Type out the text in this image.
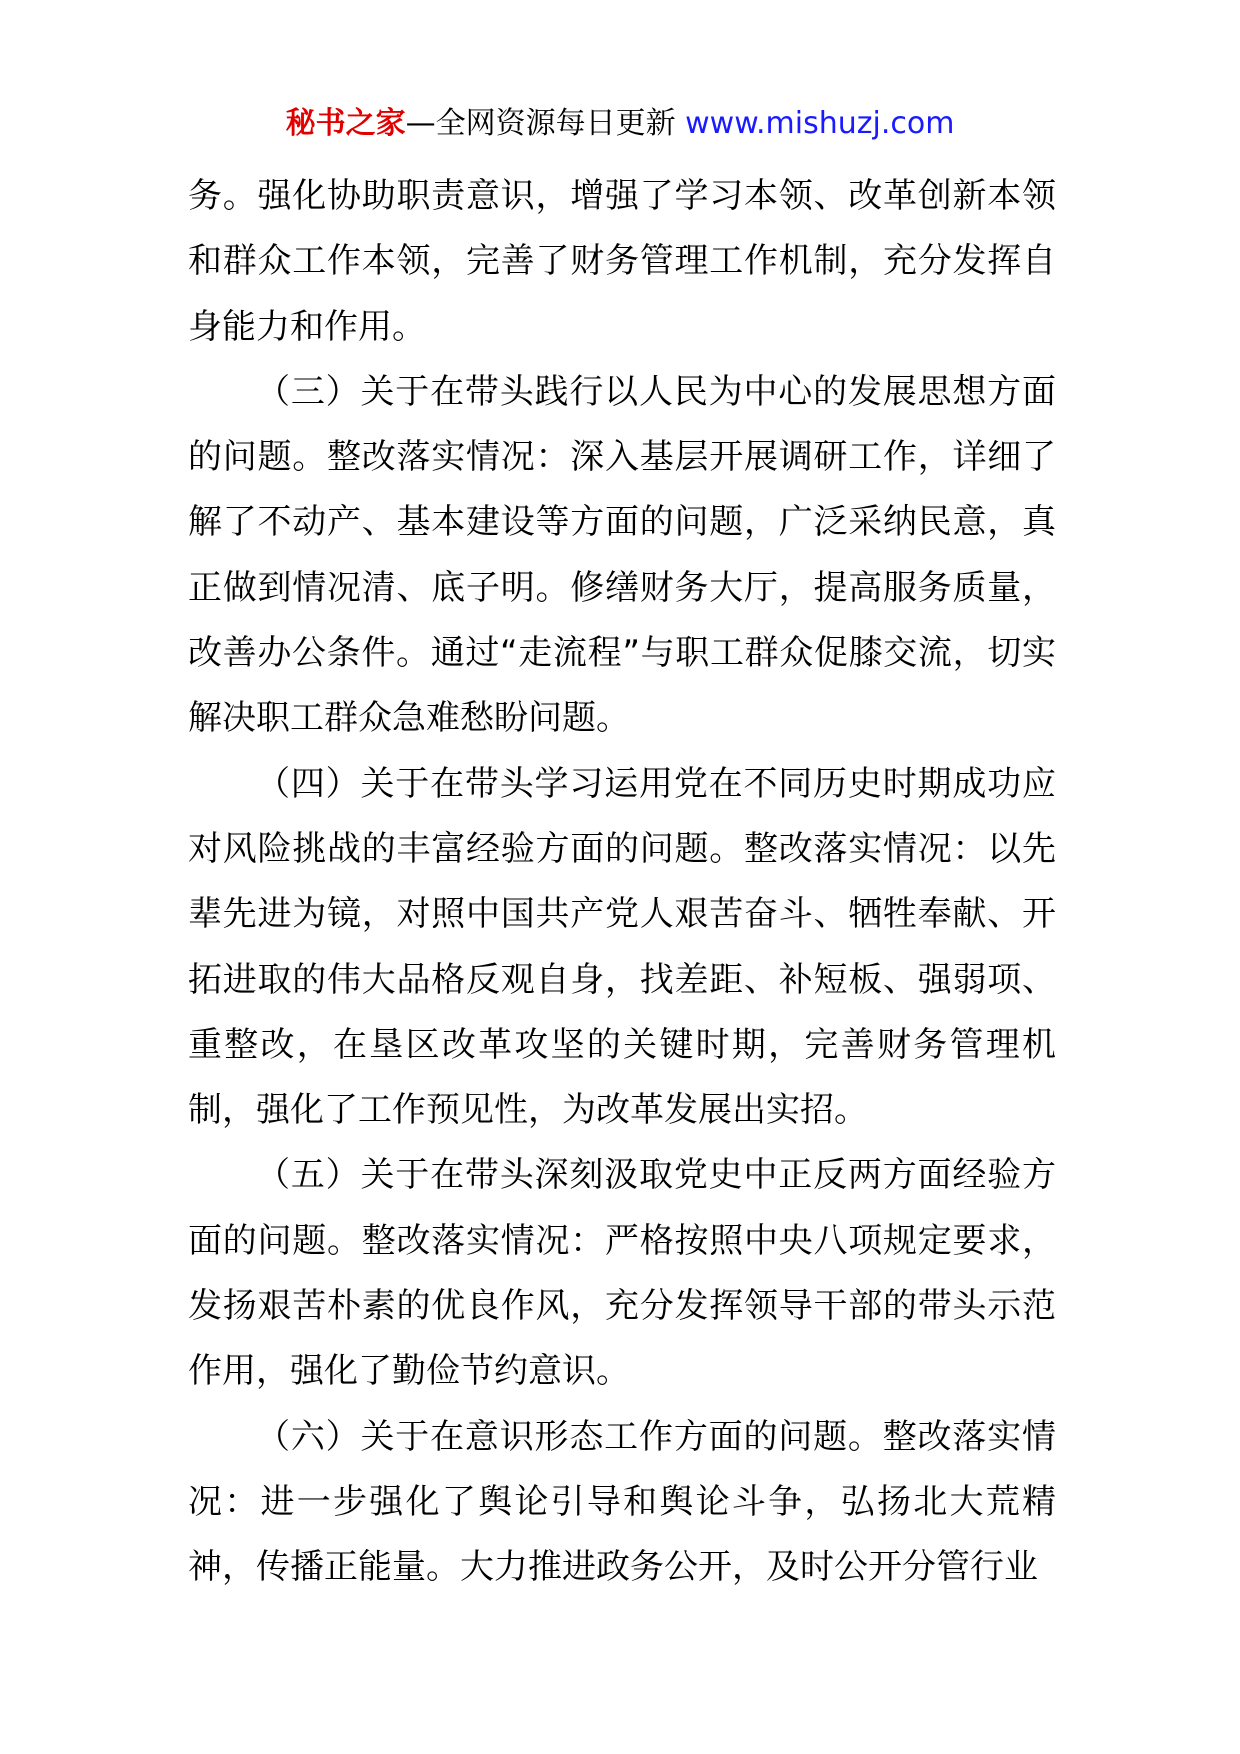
秘书之家—全网资源每日更新 www.mishuzj.com

务。强化协助职责意识，增强了学习本领、改革创新本领和群众工作本领，完善了财务管理工作机制，充分发挥自身能力和作用。

（三）关于在带头践行以人民为中心的发展思想方面的问题。整改落实情况：深入基层开展调研工作，详细了解了不动产、基本建设等方面的问题，广泛采纳民意，真正做到情况清、底子明。修缮财务大厅，提高服务质量，改善办公条件。通过“走流程”与职工群众促膝交流，切实解决职工群众急难愁盼问题。

（四）关于在带头学习运用党在不同历史时期成功应对风险挑战的丰富经验方面的问题。整改落实情况：以先辈先进为镜，对照中国共产党人艰苦奋斗、牺牲奉献、开拓进取的伟大品格反观自身，找差距、补短板、强弱项、重整改，在垦区改革攻坚的关键时期，完善财务管理机制，强化了工作预见性，为改革发展出实招。

（五）关于在带头深刻汲取党史中正反两方面经验方面的问题。整改落实情况：严格按照中央八项规定要求，发扬艰苦朴素的优良作风，充分发挥领导干部的带头示范作用，强化了勤俭节约意识。

（六）关于在意识形态工作方面的问题。整改落实情况：进一步强化了舆论引导和舆论斗争，弘扬北大荒精神，传播正能量。大力推进政务公开，及时公开分管行业
